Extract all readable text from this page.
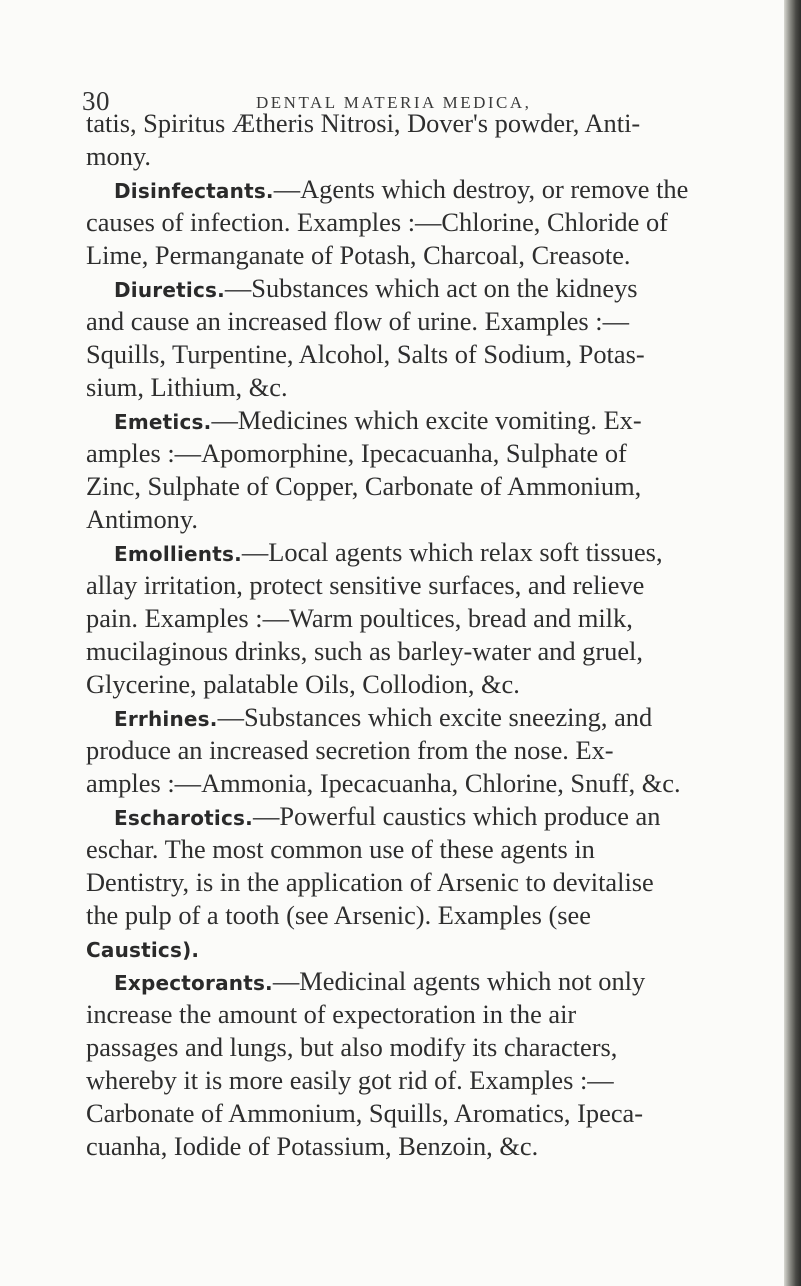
30	DENTAL MATERIA MEDICA,
tatis, Spiritus Ætheris Nitrosi, Dover's powder, Anti-
mony.
Disinfectants.—Agents which destroy, or remove the
causes of infection. Examples :—Chlorine, Chloride of
Lime, Permanganate of Potash, Charcoal, Creasote.
Diuretics.—Substances which act on the kidneys
and cause an increased flow of urine. Examples :—
Squills, Turpentine, Alcohol, Salts of Sodium, Potas-
sium, Lithium, &c.
Emetics.—Medicines which excite vomiting. Ex-
amples :—Apomorphine, Ipecacuanha, Sulphate of
Zinc, Sulphate of Copper, Carbonate of Ammonium,
Antimony.
Emollients.—Local agents which relax soft tissues,
allay irritation, protect sensitive surfaces, and relieve
pain. Examples :—Warm poultices, bread and milk,
mucilaginous drinks, such as barley-water and gruel,
Glycerine, palatable Oils, Collodion, &c.
Errhines.—Substances which excite sneezing, and
produce an increased secretion from the nose. Ex-
amples :—Ammonia, Ipecacuanha, Chlorine, Snuff, &c.
Escharotics.—Powerful caustics which produce an
eschar. The most common use of these agents in
Dentistry, is in the application of Arsenic to devitalise
the pulp of a tooth (see Arsenic). Examples (see
Caustics).
Expectorants.—Medicinal agents which not only
increase the amount of expectoration in the air
passages and lungs, but also modify its characters,
whereby it is more easily got rid of. Examples :—
Carbonate of Ammonium, Squills, Aromatics, Ipeca-
cuanha, Iodide of Potassium, Benzoin, &c.
